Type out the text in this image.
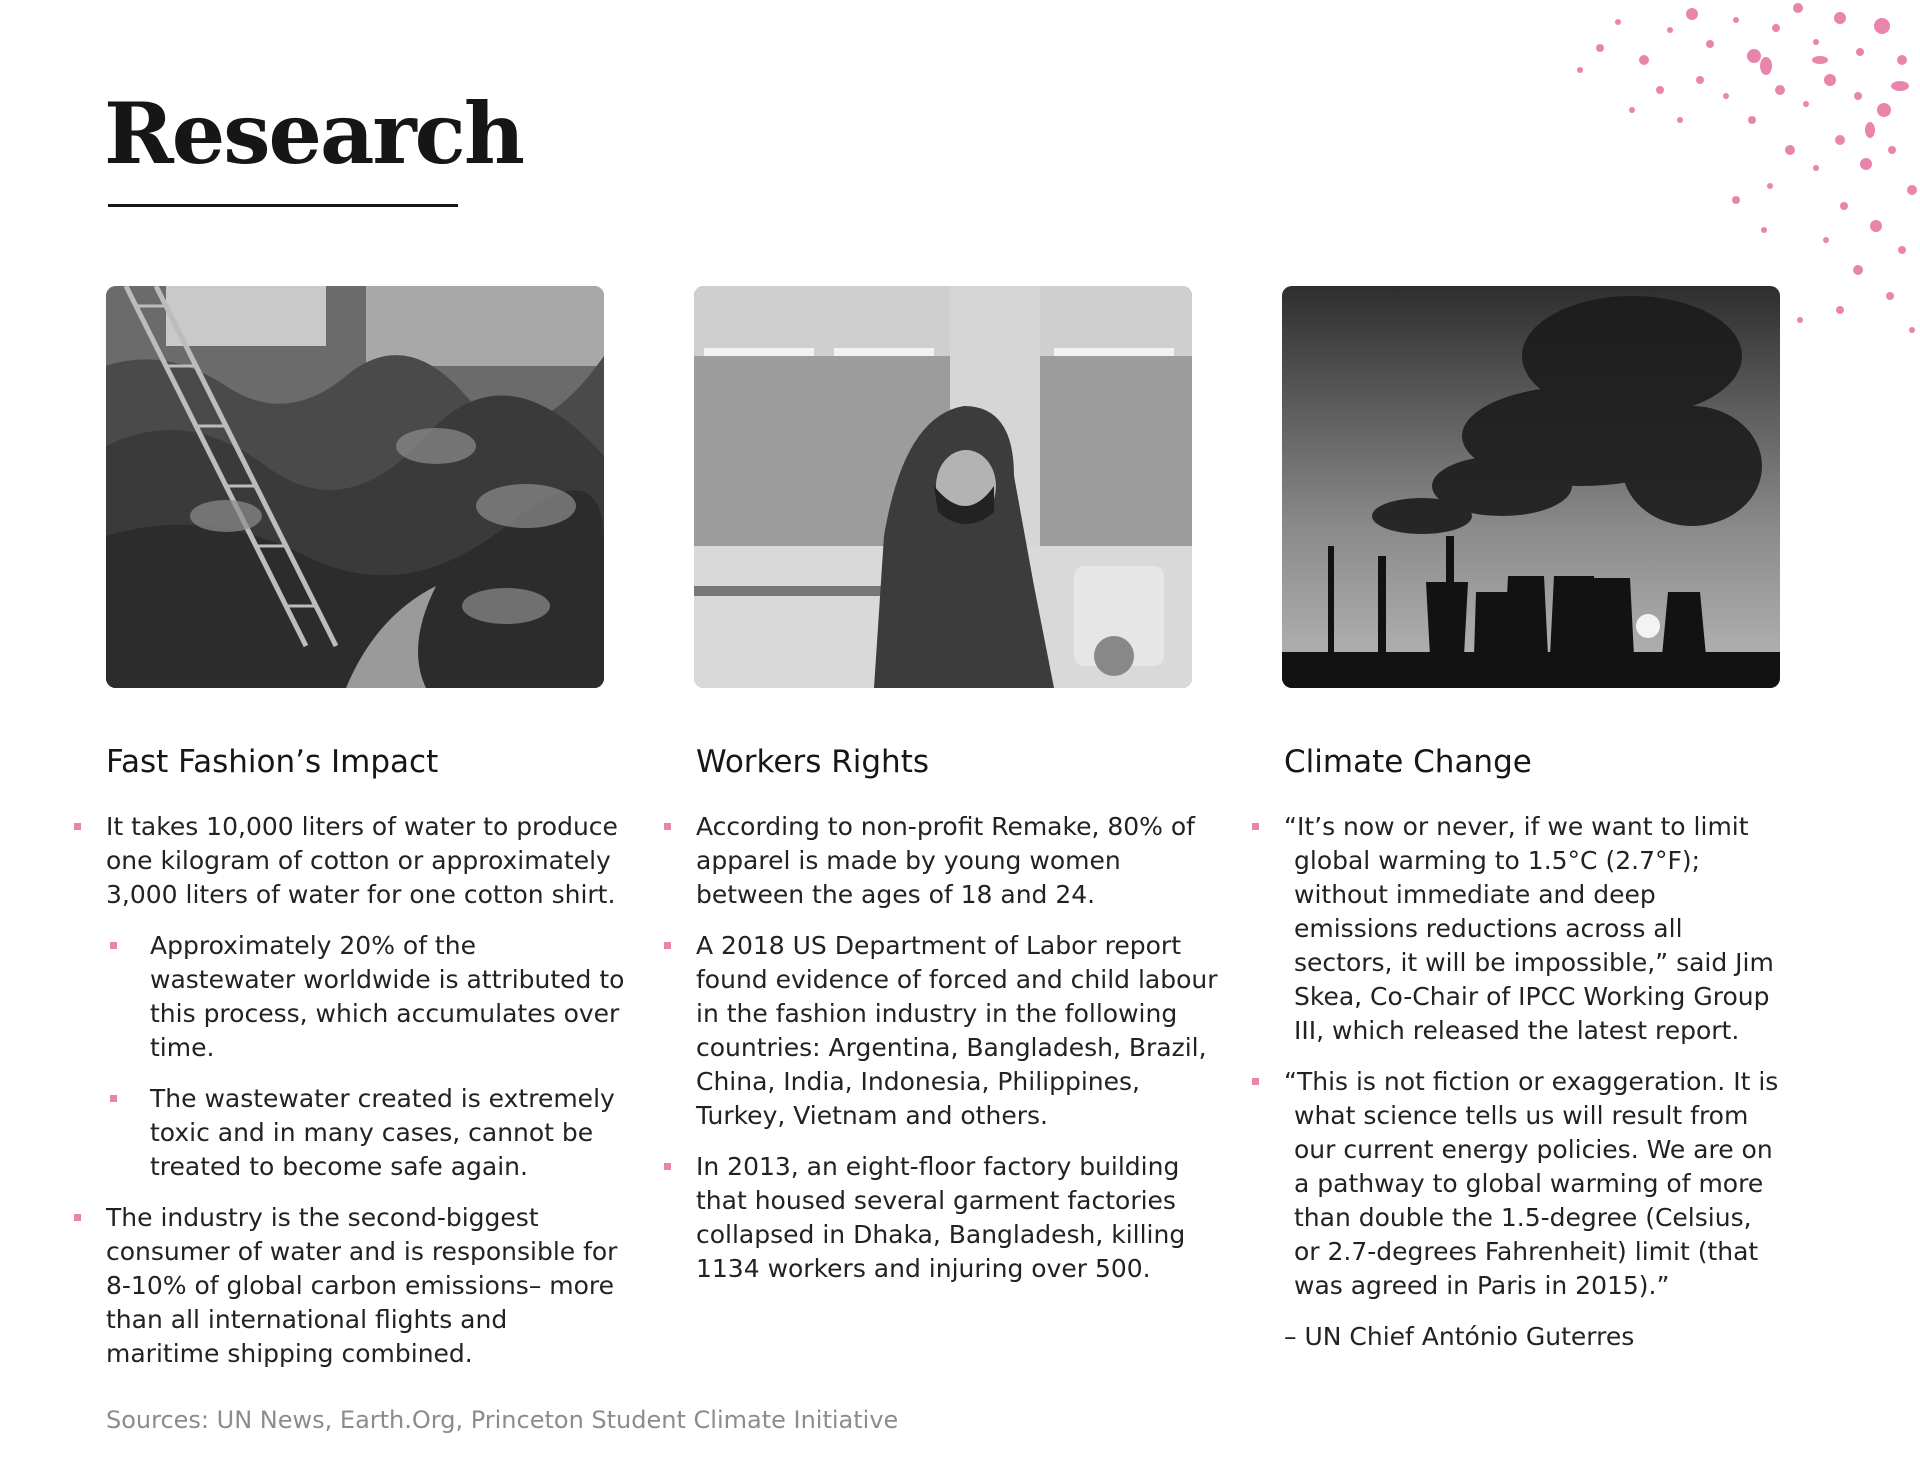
Research
Fast Fashion’s Impact
It takes 10,000 liters of water to produce one kilogram of cotton or approximately 3,000 liters of water for one cotton shirt.
Approximately 20% of the wastewater worldwide is attributed to this process, which accumulates over time.
The wastewater created is extremely toxic and in many cases, cannot be treated to become safe again.
The industry is the second-biggest consumer of water and is responsible for 8-10% of global carbon emissions– more than all international flights and maritime shipping combined.
Workers Rights
According to non-profit Remake, 80% of apparel is made by young women between the ages of 18 and 24.
A 2018 US Department of Labor report found evidence of forced and child labour in the fashion industry in the following countries: Argentina, Bangladesh, Brazil, China, India, Indonesia, Philippines, Turkey, Vietnam and others.
In 2013, an eight-floor factory building that housed several garment factories collapsed in Dhaka, Bangladesh, killing 1134 workers and injuring over 500.
Climate Change
“It’s now or never, if we want to limit global warming to 1.5°C (2.7°F); without immediate and deep emissions reductions across all sectors, it will be impossible,” said Jim Skea, Co-Chair of IPCC Working Group III, which released the latest report.
“This is not fiction or exaggeration. It is what science tells us will result from our current energy policies. We are on a pathway to global warming of more than double the 1.5-degree (Celsius, or 2.7-degrees Fahrenheit) limit (that was agreed in Paris in 2015).”

– UN Chief António Guterres

Sources: UN News, Earth.Org, Princeton Student Climate Initiative
